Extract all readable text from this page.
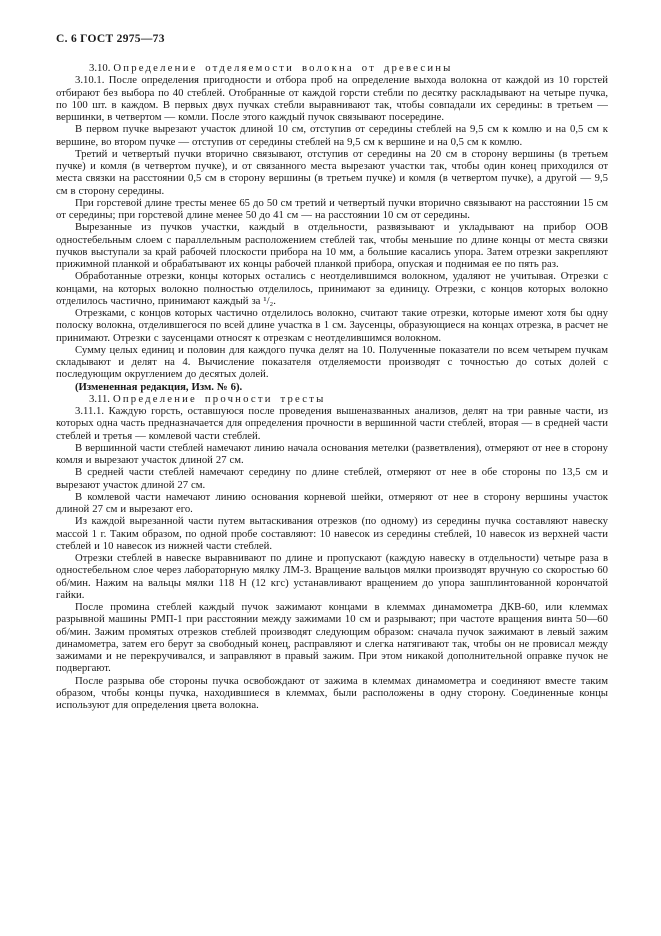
С. 6 ГОСТ 2975—73

3.10. Определение отделяемости волокна от древесины

3.10.1. После определения пригодности и отбора проб на определение выхода волокна от каждой из 10 горстей отбирают без выбора по 40 стеблей. Отобранные от каждой горсти стебли по десятку раскладывают на четыре пучка, по 100 шт. в каждом. В первых двух пучках стебли выравнивают так, чтобы совпадали их середины: в третьем — вершинки, в четвертом — комли. После этого каждый пучок связывают посередине.

В первом пучке вырезают участок длиной 10 см, отступив от середины стеблей на 9,5 см к комлю и на 0,5 см к вершине, во втором пучке — отступив от середины стеблей на 9,5 см к вершине и на 0,5 см к комлю.

Третий и четвертый пучки вторично связывают, отступив от середины на 20 см в сторону вершины (в третьем пучке) и комля (в четвертом пучке), и от связанного места вырезают участки так, чтобы один конец приходился от места связки на расстоянии 0,5 см в сторону вершины (в третьем пучке) и комля (в четвертом пучке), а другой — 9,5 см в сторону середины.

При горстевой длине тресты менее 65 до 50 см третий и четвертый пучки вторично связывают на расстоянии 15 см от середины; при горстевой длине менее 50 до 41 см — на расстоянии 10 см от середины.

Вырезанные из пучков участки, каждый в отдельности, развязывают и укладывают на прибор ООВ одностебельным слоем с параллельным расположением стеблей так, чтобы меньшие по длине концы от места связки пучков выступали за край рабочей плоскости прибора на 10 мм, а большие касались упора. Затем отрезки закрепляют прижимной планкой и обрабатывают их концы рабочей планкой прибора, опуская и поднимая ее по пять раз.

Обработанные отрезки, концы которых остались с неотделившимся волокном, удаляют не учитывая. Отрезки с концами, на которых волокно полностью отделилось, принимают за единицу. Отрезки, с концов которых волокно отделилось частично, принимают каждый за ¹/₂.

Отрезками, с концов которых частично отделилось волокно, считают такие отрезки, которые имеют хотя бы одну полоску волокна, отделившегося по всей длине участка в 1 см. Заусенцы, образующиеся на концах отрезка, в расчет не принимают. Отрезки с заусенцами относят к отрезкам с неотделившимся волокном.

Сумму целых единиц и половин для каждого пучка делят на 10. Полученные показатели по всем четырем пучкам складывают и делят на 4. Вычисление показателя отделяемости производят с точностью до сотых долей с последующим округлением до десятых долей.

(Измененная редакция, Изм. № 6).

3.11. Определение прочности тресты

3.11.1. Каждую горсть, оставшуюся после проведения вышеназванных анализов, делят на три равные части, из которых одна часть предназначается для определения прочности в вершинной части стеблей, вторая — в средней части стеблей и третья — комлевой части стеблей.

В вершинной части стеблей намечают линию начала основания метелки (разветвления), отмеряют от нее в сторону комля и вырезают участок длиной 27 см.

В средней части стеблей намечают середину по длине стеблей, отмеряют от нее в обе стороны по 13,5 см и вырезают участок длиной 27 см.

В комлевой части намечают линию основания корневой шейки, отмеряют от нее в сторону вершины участок длиной 27 см и вырезают его.

Из каждой вырезанной части путем вытаскивания отрезков (по одному) из середины пучка составляют навеску массой 1 г. Таким образом, по одной пробе составляют: 10 навесок из середины стеблей, 10 навесок из верхней части стеблей и 10 навесок из нижней части стеблей.

Отрезки стеблей в навеске выравнивают по длине и пропускают (каждую навеску в отдельности) четыре раза в одностебельном слое через лабораторную мялку ЛМ-3. Вращение вальцов мялки производят вручную со скоростью 60 об/мин. Нажим на вальцы мялки 118 Н (12 кгс) устанавливают вращением до упора зашплинтованной корончатой гайки.

После промина стеблей каждый пучок зажимают концами в клеммах динамометра ДКВ-60, или клеммах разрывной машины РМП-1 при расстоянии между зажимами 10 см и разрывают; при частоте вращения винта 50—60 об/мин. Зажим промятых отрезков стеблей производят следующим образом: сначала пучок зажимают в левый зажим динамометра, затем его берут за свободный конец, расправляют и слегка натягивают так, чтобы он не провисал между зажимами и не перекручивался, и заправляют в правый зажим. При этом никакой дополнительной оправке пучок не подвергают.

После разрыва обе стороны пучка освобождают от зажима в клеммах динамометра и соединяют вместе таким образом, чтобы концы пучка, находившиеся в клеммах, были расположены в одну сторону. Соединенные концы используют для определения цвета волокна.
